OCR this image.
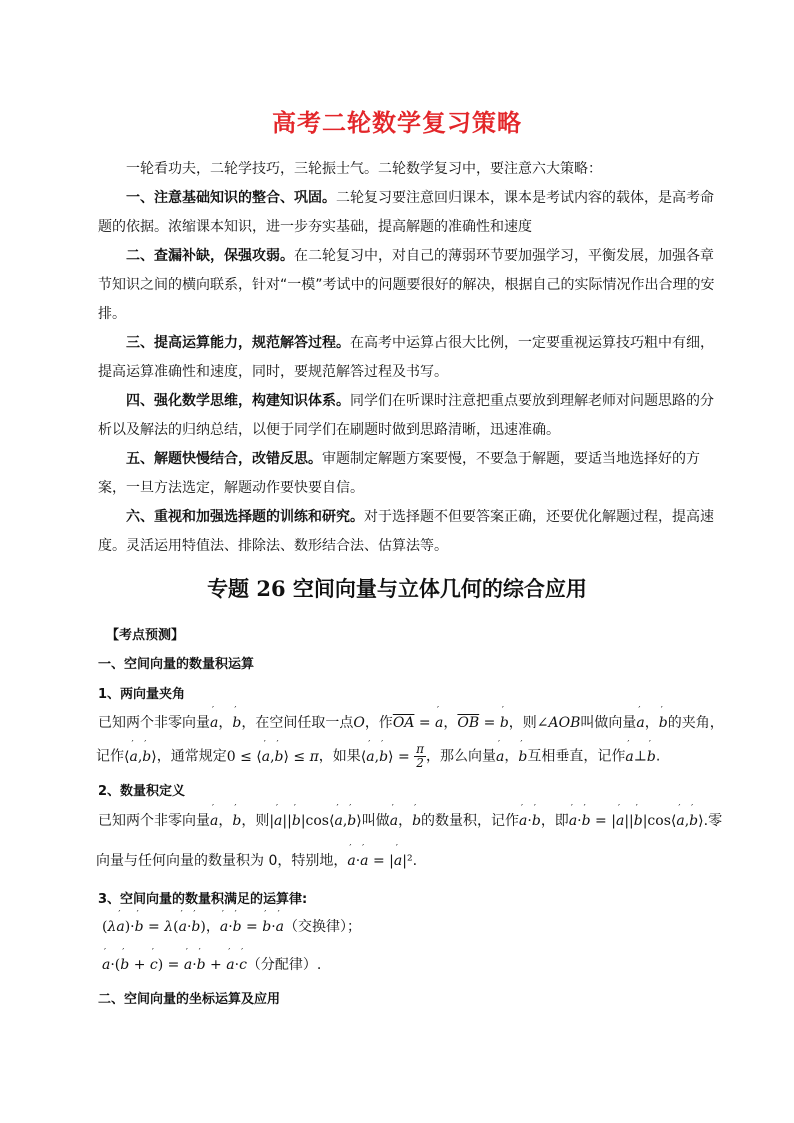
高考二轮数学复习策略

一轮看功夫，二轮学技巧，三轮振士气。二轮数学复习中，要注意六大策略：

一、注意基础知识的整合、巩固。二轮复习要注意回归课本，课本是考试内容的载体，是高考命题的依据。浓缩课本知识，进一步夯实基础，提高解题的准确性和速度

二、查漏补缺，保强攻弱。在二轮复习中，对自己的薄弱环节要加强学习，平衡发展，加强各章节知识之间的横向联系，针对“一模”考试中的问题要很好的解决，根据自己的实际情况作出合理的安排。

三、提高运算能力，规范解答过程。在高考中运算占很大比例，一定要重视运算技巧粗中有细，提高运算准确性和速度，同时，要规范解答过程及书写。

四、强化数学思维，构建知识体系。同学们在听课时注意把重点要放到理解老师对问题思路的分析以及解法的归纳总结，以便于同学们在刷题时做到思路清晰，迅速准确。

五、解题快慢结合，改错反思。审题制定解题方案要慢，不要急于解题，要适当地选择好的方案，一旦方法选定，解题动作要快要自信。

六、重视和加强选择题的训练和研究。对于选择题不但要答案正确，还要优化解题过程，提高速度。灵活运用特值法、排除法、数形结合法、估算法等。

专题 26 空间向量与立体几何的综合应用
【考点预测】
一、空间向量的数量积运算
1、两向量夹角
已知两个非零向量′ a，′ b，在空间任取一点O，作$\overline{OA}$ = ′ a，$\overline{OB}$ = ′ b，则∠AOB叫做向量′ a，′ b的夹角，
记作⟨′ a,′ b⟩，通常规定0 ≤ ⟨′ a,′ b⟩ ≤ π，如果⟨′ a,′ b⟩ = $\frac{\pi}{2}$ ，那么向量′ a，′ b互相垂直，记作′ a⊥′ b.
2、数量积定义
已知两个非零向量′ a，′ b，则|′ a||′ b|cos⟨′ a,′ b⟩叫做′ a，′ b的数量积，记作′ a·′ b，即′ a·′ b = |′ a||′ b|cos⟨′ a,′ b⟩.零
向量与任何向量的数量积为 0，特别地，′ a·′ a = |′ a|².
3、空间向量的数量积满足的运算律:
(λ′ a)·′ b = λ(′ a·′ b)，′ a·′ b = ′ b·′ a（交换律）；
′ a·(′ b + ′ c) = ′ a·′ b + ′ a·′ c（分配律）.
二、空间向量的坐标运算及应用
